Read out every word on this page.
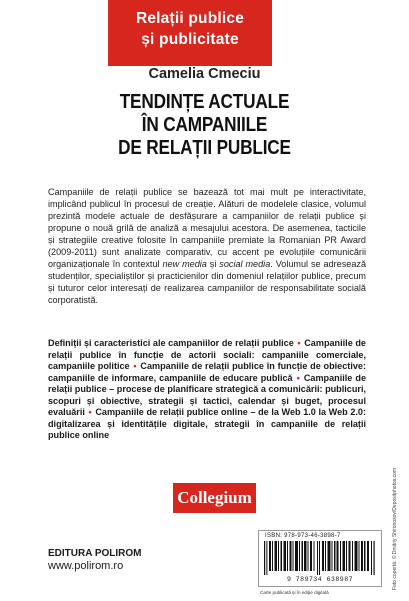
Relații publice
și publicitate
Camelia Cmeciu
TENDINȚE ACTUALE
ÎN CAMPANIILE
DE RELAȚII PUBLICE
Campaniile de relații publice se bazează tot mai mult pe interactivitate, implicând publicul în procesul de creație. Alături de modelele clasice, volumul prezintă modele actuale de desfășurare a campaniilor de relații publice și propune o nouă grilă de analiză a mesajului acestora. De asemenea, tacticile și strategiile creative folosite în campaniile premiate la Romanian PR Award (2009-2011) sunt analizate comparativ, cu accent pe evoluțiile comunicării organizaționale în contextul new media și social media. Volumul se adresează studenților, specialiștilor și practicienilor din domeniul relațiilor publice, precum și tuturor celor interesați de realizarea campaniilor de responsabilitate socială corporatistă.
Definiții și caracteristici ale campaniilor de relații publice • Campaniile de relații publice în funcție de actorii sociali: campaniile comerciale, campaniile politice • Campaniile de relații publice în funcție de obiective: campaniile de informare, campaniile de educare publică • Campaniile de relații publice – procese de planificare strategică a comunicării: publicuri, scopuri și obiective, strategii și tactici, calendar și buget, procesul evaluării • Campaniile de relații publice online – de la Web 1.0 la Web 2.0: digitalizarea și identitățile digitale, strategii în campaniile de relații publice online
Collegium
EDITURA POLIROM
www.polirom.ro
ISBN: 978-973-46-3898-7
9 789734 638987
Carte publicată și în ediție digitală
Foto copertă: © Dmitriy Shironosov/Depositphotos.com
